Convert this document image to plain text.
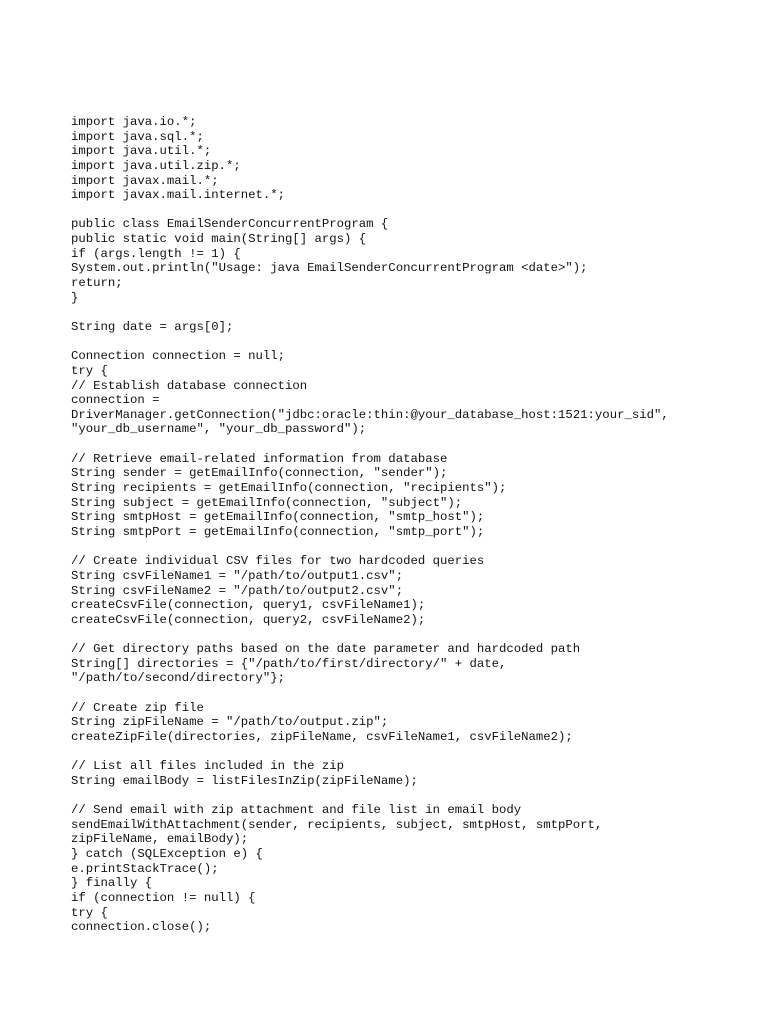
import java.io.*;
import java.sql.*;
import java.util.*;
import java.util.zip.*;
import javax.mail.*;
import javax.mail.internet.*;
public class EmailSenderConcurrentProgram {
public static void main(String[] args) {
if (args.length != 1) {
System.out.println("Usage: java EmailSenderConcurrentProgram <date>");
return;
}
String date = args[0];
Connection connection = null;
try {
// Establish database connection
connection =
DriverManager.getConnection("jdbc:oracle:thin:@your_database_host:1521:your_sid",
"your_db_username", "your_db_password");
// Retrieve email-related information from database
String sender = getEmailInfo(connection, "sender");
String recipients = getEmailInfo(connection, "recipients");
String subject = getEmailInfo(connection, "subject");
String smtpHost = getEmailInfo(connection, "smtp_host");
String smtpPort = getEmailInfo(connection, "smtp_port");
// Create individual CSV files for two hardcoded queries
String csvFileName1 = "/path/to/output1.csv";
String csvFileName2 = "/path/to/output2.csv";
createCsvFile(connection, query1, csvFileName1);
createCsvFile(connection, query2, csvFileName2);
// Get directory paths based on the date parameter and hardcoded path
String[] directories = {"/path/to/first/directory/" + date,
"/path/to/second/directory"};
// Create zip file
String zipFileName = "/path/to/output.zip";
createZipFile(directories, zipFileName, csvFileName1, csvFileName2);
// List all files included in the zip
String emailBody = listFilesInZip(zipFileName);
// Send email with zip attachment and file list in email body
sendEmailWithAttachment(sender, recipients, subject, smtpHost, smtpPort,
zipFileName, emailBody);
} catch (SQLException e) {
e.printStackTrace();
} finally {
if (connection != null) {
try {
connection.close();
